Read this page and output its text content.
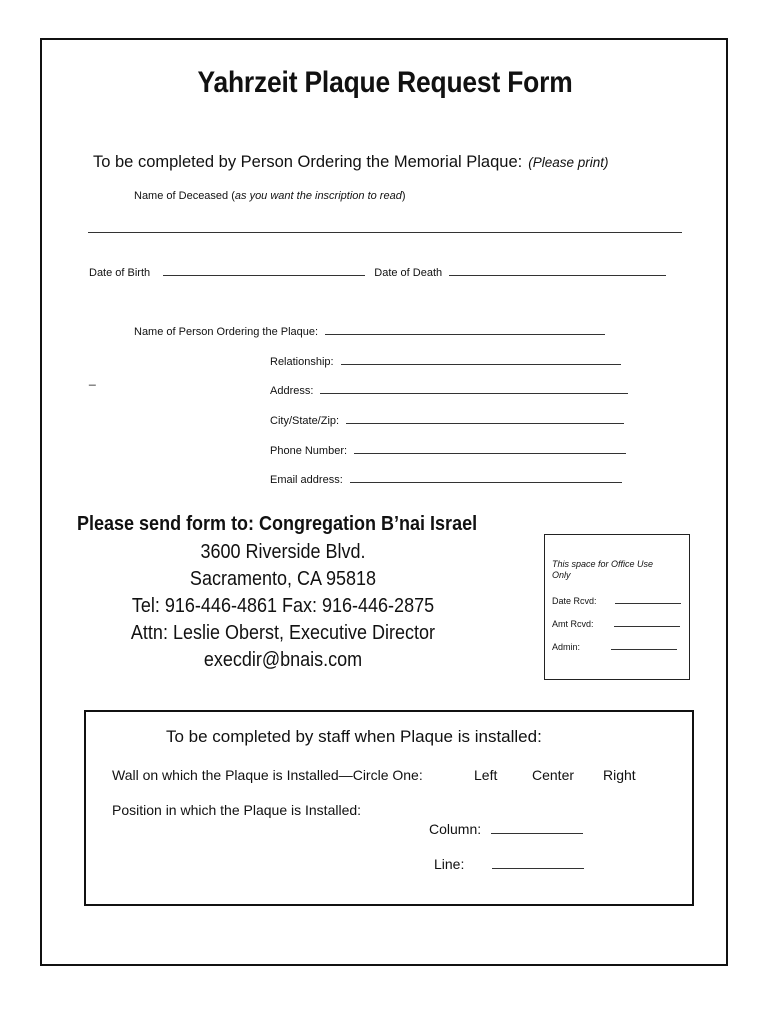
Yahrzeit Plaque Request Form
To be completed by Person Ordering the Memorial Plaque: (Please print)
Name of Deceased (as you want the inscription to read)
Date of Birth	Date of Death
Name of Person Ordering the Plaque:
_
Relationship:
Address:
City/State/Zip:
Phone Number:
Email address:
Please send form to: Congregation B’nai Israel
3600 Riverside Blvd.
Sacramento, CA 95818
Tel: 916-446-4861 Fax: 916-446-2875
Attn: Leslie Oberst, Executive Director
execdir@bnais.com
This space for Office Use Only
Date Rcvd:
Amt Rcvd:
Admin:
To be completed by staff when Plaque is installed:
Wall on which the Plaque is Installed—Circle One:	Left Center Right
Position in which the Plaque is Installed:
Column:
Line:
